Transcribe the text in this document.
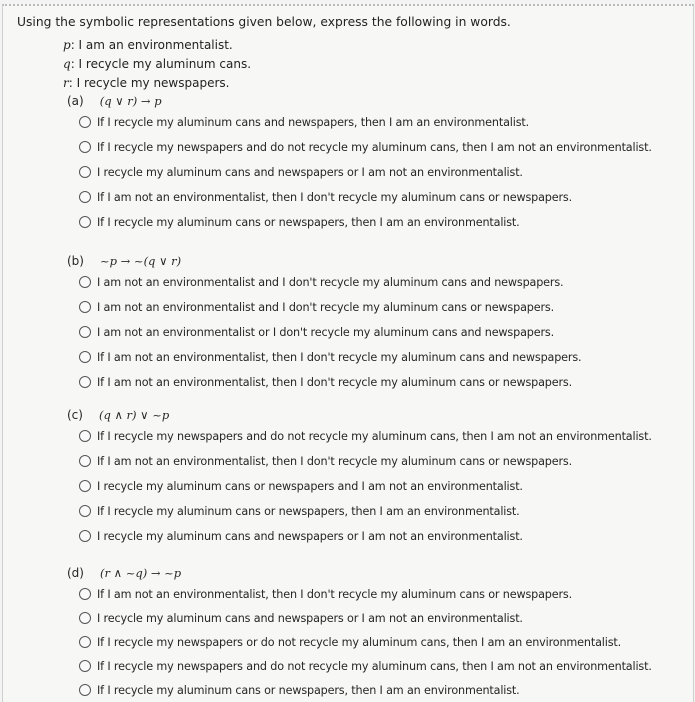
Using the symbolic representations given below, express the following in words.
p: I am an environmentalist.
q: I recycle my aluminum cans.
r: I recycle my newspapers.
(a) (q ∨ r) → p
If I recycle my aluminum cans and newspapers, then I am an environmentalist.
If I recycle my newspapers and do not recycle my aluminum cans, then I am not an environmentalist.
I recycle my aluminum cans and newspapers or I am not an environmentalist.
If I am not an environmentalist, then I don't recycle my aluminum cans or newspapers.
If I recycle my aluminum cans or newspapers, then I am an environmentalist.
(b) ~p → ~(q ∨ r)
I am not an environmentalist and I don't recycle my aluminum cans and newspapers.
I am not an environmentalist and I don't recycle my aluminum cans or newspapers.
I am not an environmentalist or I don't recycle my aluminum cans and newspapers.
If I am not an environmentalist, then I don't recycle my aluminum cans and newspapers.
If I am not an environmentalist, then I don't recycle my aluminum cans or newspapers.
(c) (q ∧ r) ∨ ~p
If I recycle my newspapers and do not recycle my aluminum cans, then I am not an environmentalist.
If I am not an environmentalist, then I don't recycle my aluminum cans or newspapers.
I recycle my aluminum cans or newspapers and I am not an environmentalist.
If I recycle my aluminum cans or newspapers, then I am an environmentalist.
I recycle my aluminum cans and newspapers or I am not an environmentalist.
(d) (r ∧ ~q) → ~p
If I am not an environmentalist, then I don't recycle my aluminum cans or newspapers.
I recycle my aluminum cans and newspapers or I am not an environmentalist.
If I recycle my newspapers or do not recycle my aluminum cans, then I am an environmentalist.
If I recycle my newspapers and do not recycle my aluminum cans, then I am not an environmentalist.
If I recycle my aluminum cans or newspapers, then I am an environmentalist.
